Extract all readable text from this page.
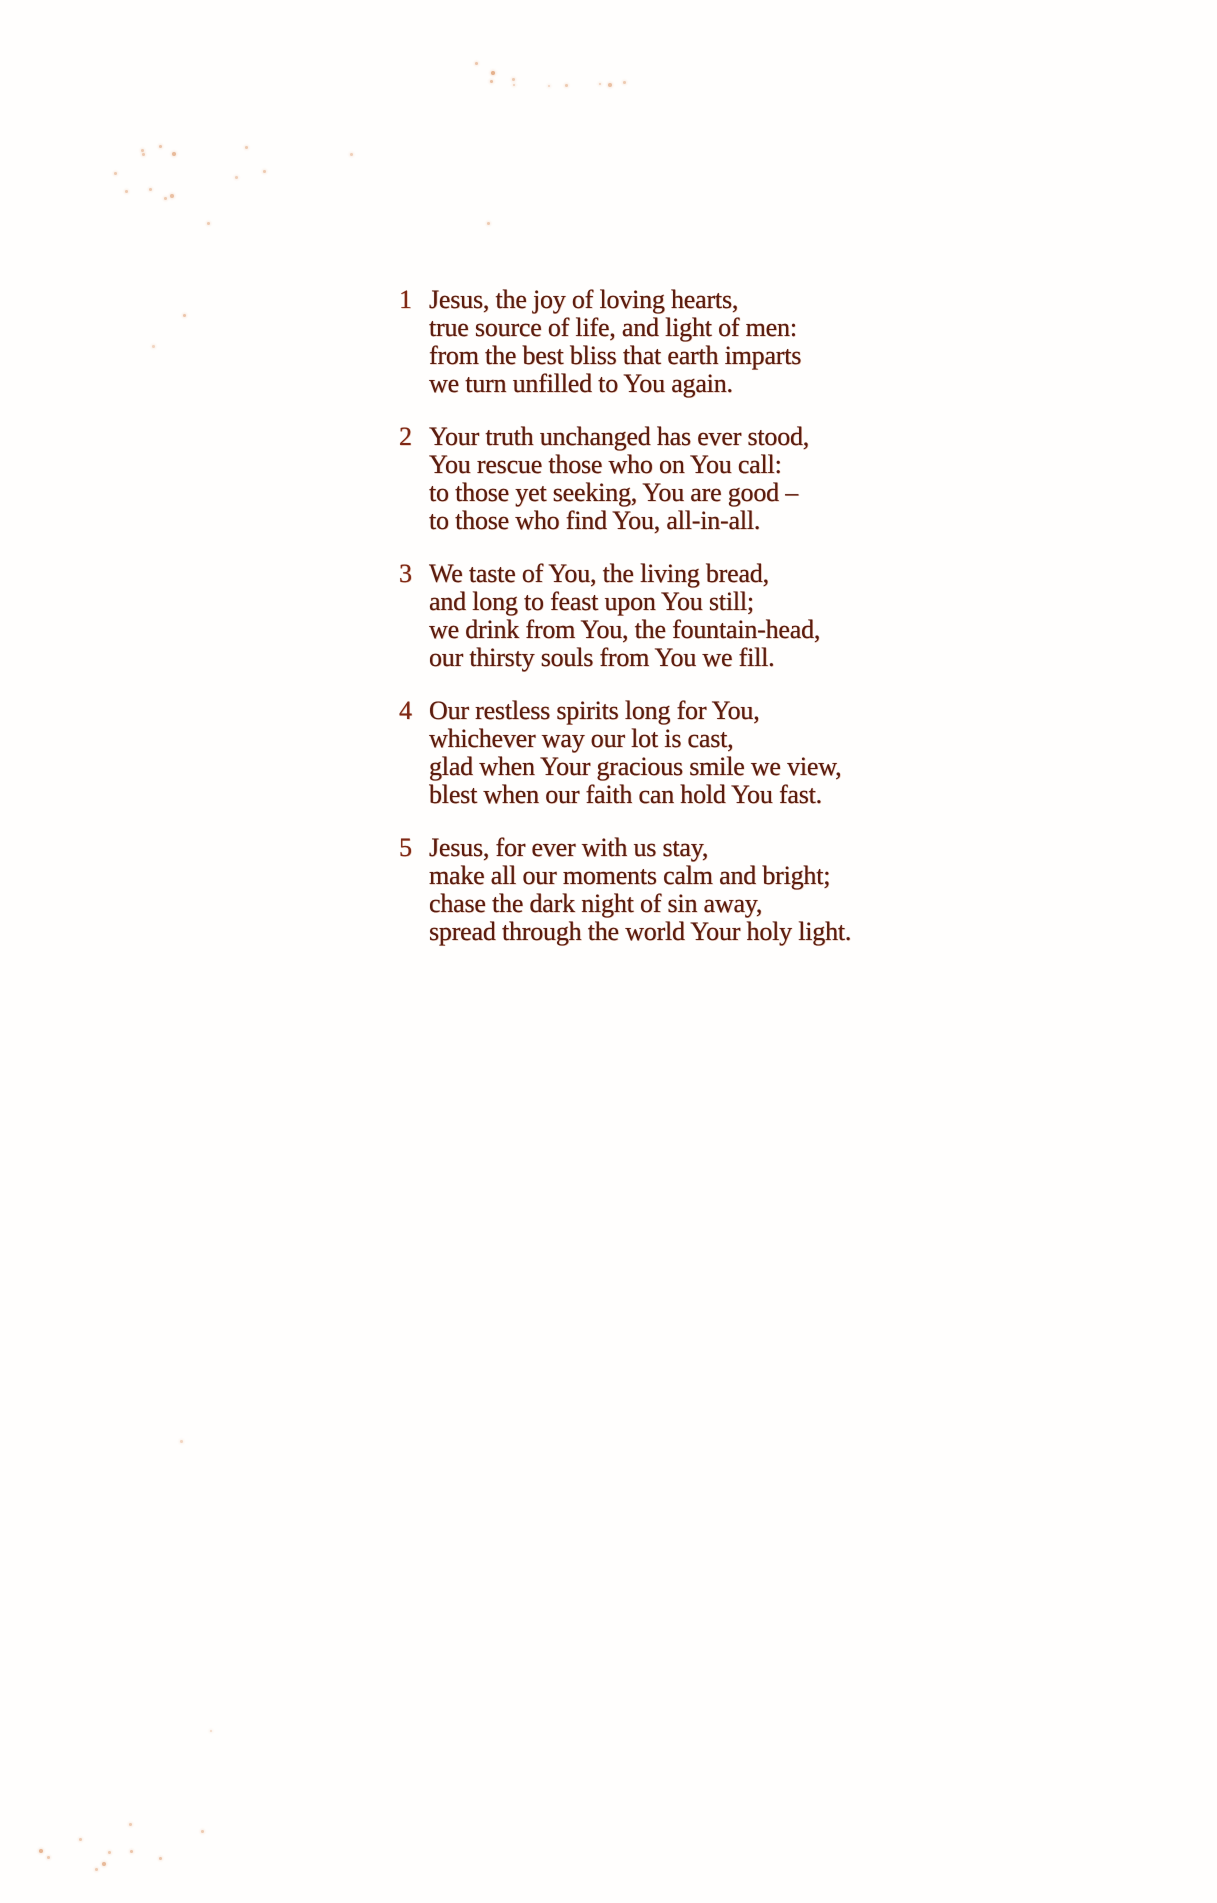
1 Jesus, the joy of loving hearts,
true source of life, and light of men:
from the best bliss that earth imparts
we turn unfilled to You again.
2 Your truth unchanged has ever stood,
You rescue those who on You call:
to those yet seeking, You are good –
to those who find You, all-in-all.
3 We taste of You, the living bread,
and long to feast upon You still;
we drink from You, the fountain-head,
our thirsty souls from You we fill.
4 Our restless spirits long for You,
whichever way our lot is cast,
glad when Your gracious smile we view,
blest when our faith can hold You fast.
5 Jesus, for ever with us stay,
make all our moments calm and bright;
chase the dark night of sin away,
spread through the world Your holy light.
